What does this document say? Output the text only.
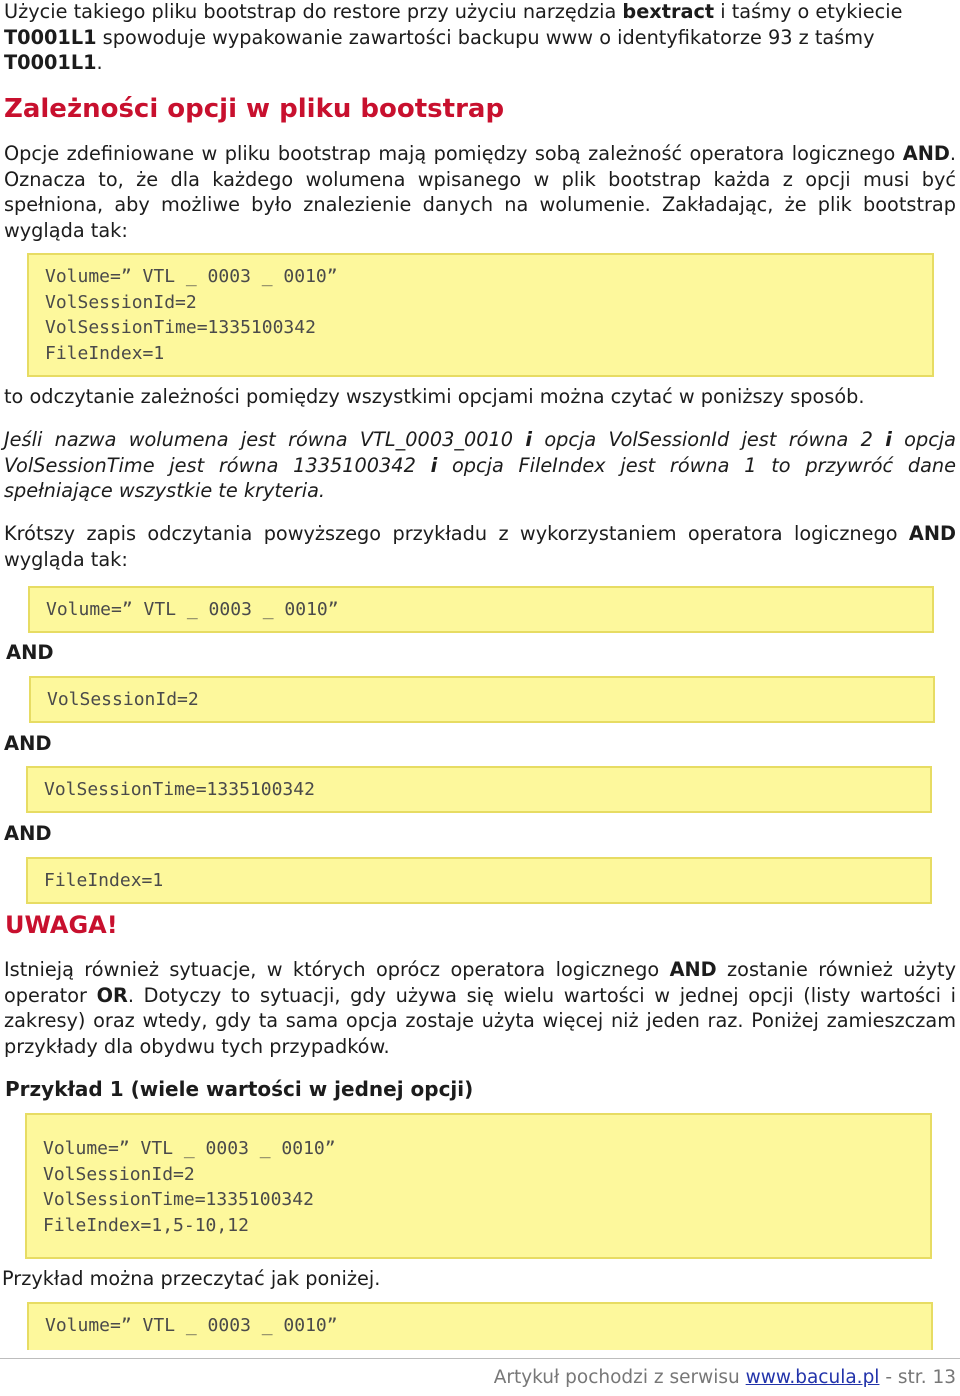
Użycie takiego pliku bootstrap do restore przy użyciu narzędzia bextract i taśmy o etykiecie T0001L1 spowoduje wypakowanie zawartości backupu www o identyfikatorze 93 z taśmy T0001L1.

Zależności opcji w pliku bootstrap

Opcje zdefiniowane w pliku bootstrap mają pomiędzy sobą zależność operatora logicznego AND. Oznacza to, że dla każdego wolumena wpisanego w plik bootstrap każda z opcji musi być spełniona, aby możliwe było znalezienie danych na wolumenie. Zakładając, że plik bootstrap wygląda tak:

Volume=” VTL _ 0003 _ 0010”
VolSessionId=2
VolSessionTime=1335100342
FileIndex=1

to odczytanie zależności pomiędzy wszystkimi opcjami można czytać w poniższy sposób.

Jeśli nazwa wolumena jest równa VTL_0003_0010 i opcja VolSessionId jest równa 2 i opcja VolSessionTime jest równa 1335100342 i opcja FileIndex jest równa 1 to przywróć dane spełniające wszystkie te kryteria.

Krótszy zapis odczytania powyższego przykładu z wykorzystaniem operatora logicznego AND wygląda tak:

Volume=” VTL _ 0003 _ 0010”

AND

VolSessionId=2

AND

VolSessionTime=1335100342

AND

FileIndex=1

UWAGA!

Istnieją również sytuacje, w których oprócz operatora logicznego AND zostanie również użyty operator OR. Dotyczy to sytuacji, gdy używa się wielu wartości w jednej opcji (listy wartości i zakresy) oraz wtedy, gdy ta sama opcja zostaje użyta więcej niż jeden raz. Poniżej zamieszczam przykłady dla obydwu tych przypadków.

Przykład 1 (wiele wartości w jednej opcji)

Volume=” VTL _ 0003 _ 0010”
VolSessionId=2
VolSessionTime=1335100342
FileIndex=1,5-10,12

Przykład można przeczytać jak poniżej.

Volume=” VTL _ 0003 _ 0010”
Artykuł pochodzi z serwisu www.bacula.pl - str. 13
